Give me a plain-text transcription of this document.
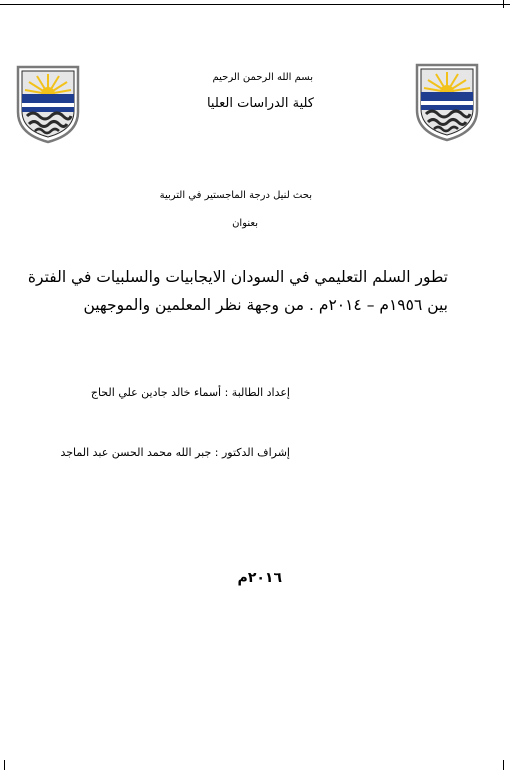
بسم الله الرحمن الرحيم
كلية الدراسات العليا
بحث لنيل درجة الماجستير في التربية
بعنوان
تطور السلم التعليمي في السودان الايجابيات والسلبيات في الفترة
بين ١٩٥٦م – ٢٠١٤م . من وجهة نظر المعلمين والموجهين
إعداد الطالبة : أسماء خالد جادين علي الحاج
إشراف الدكتور : جبر الله محمد الحسن عبد الماجد
٢٠١٦م
